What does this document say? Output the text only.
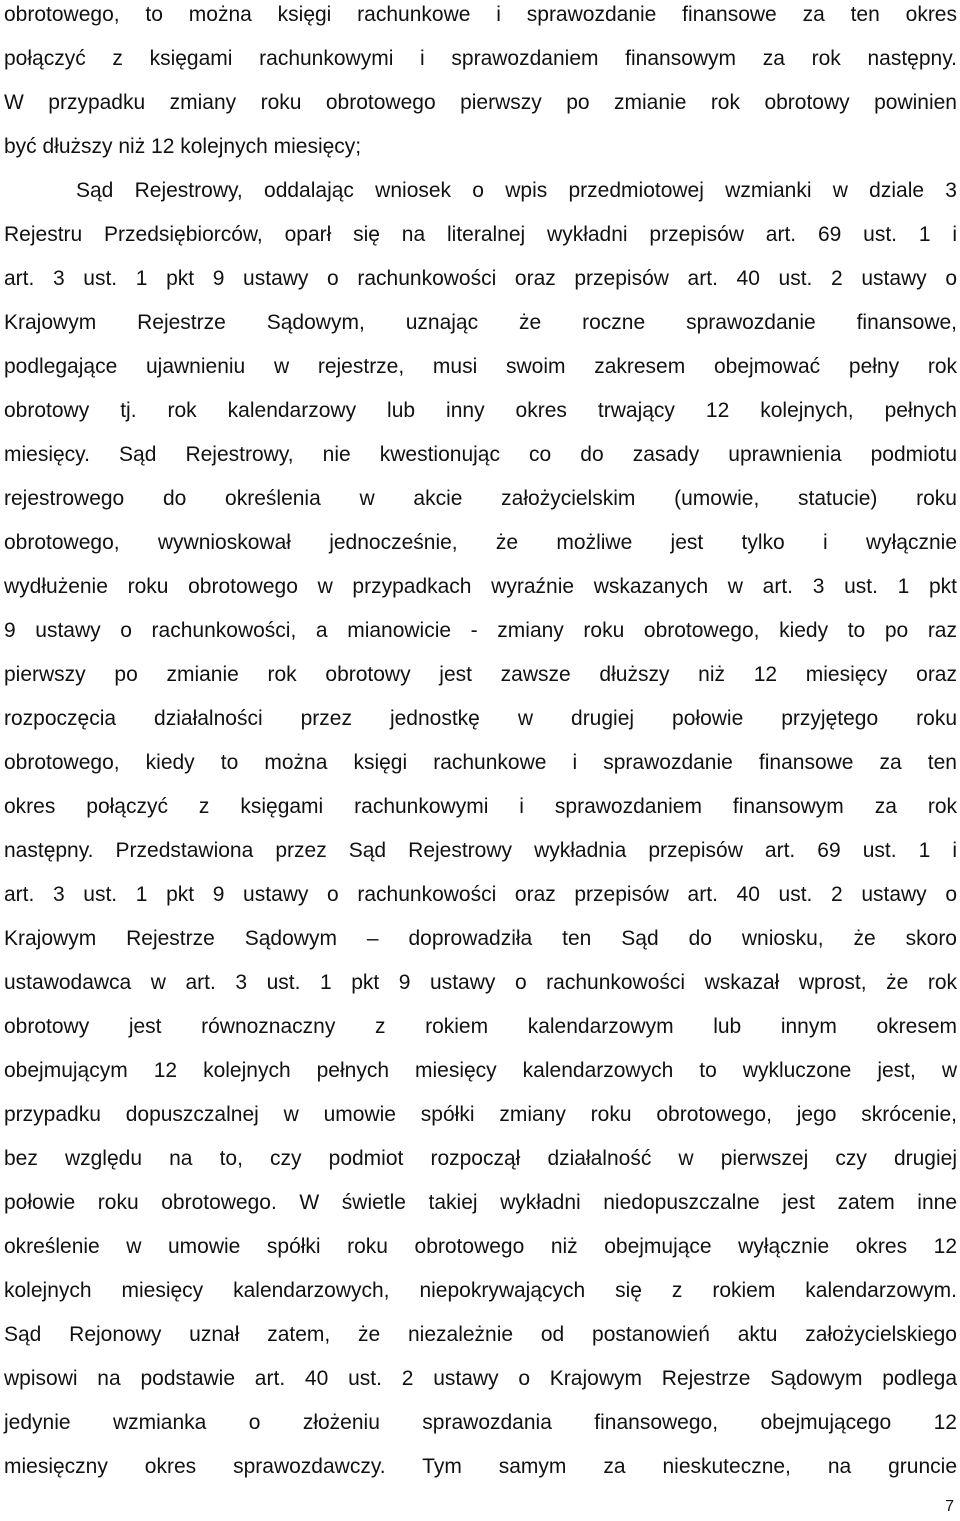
obrotowego, to można księgi rachunkowe i sprawozdanie finansowe za ten okres
połączyć z księgami rachunkowymi i sprawozdaniem finansowym za rok następny.
W przypadku zmiany roku obrotowego pierwszy po zmianie rok obrotowy powinien
być dłuższy niż 12 kolejnych miesięcy;
Sąd Rejestrowy, oddalając wniosek o wpis przedmiotowej wzmianki w dziale 3
Rejestru Przedsiębiorców, oparł się na literalnej wykładni przepisów art. 69 ust. 1 i
art. 3 ust. 1 pkt 9 ustawy o rachunkowości oraz przepisów art. 40 ust. 2 ustawy o
Krajowym Rejestrze Sądowym, uznając że roczne sprawozdanie finansowe,
podlegające ujawnieniu w rejestrze, musi swoim zakresem obejmować pełny rok
obrotowy tj. rok kalendarzowy lub inny okres trwający 12 kolejnych, pełnych
miesięcy. Sąd Rejestrowy, nie kwestionując co do zasady uprawnienia podmiotu
rejestrowego do określenia w akcie założycielskim (umowie, statucie) roku
obrotowego, wywnioskował jednocześnie, że możliwe jest tylko i wyłącznie
wydłużenie roku obrotowego w przypadkach wyraźnie wskazanych w art. 3 ust. 1 pkt
9 ustawy o rachunkowości, a mianowicie - zmiany roku obrotowego, kiedy to po raz
pierwszy po zmianie rok obrotowy jest zawsze dłuższy niż 12 miesięcy oraz
rozpoczęcia działalności przez jednostkę w drugiej połowie przyjętego roku
obrotowego, kiedy to można księgi rachunkowe i sprawozdanie finansowe za ten
okres połączyć z księgami rachunkowymi i sprawozdaniem finansowym za rok
następny. Przedstawiona przez Sąd Rejestrowy wykładnia przepisów art. 69 ust. 1 i
art. 3 ust. 1 pkt 9 ustawy o rachunkowości oraz przepisów art. 40 ust. 2 ustawy o
Krajowym Rejestrze Sądowym – doprowadziła ten Sąd do wniosku, że skoro
ustawodawca w art. 3 ust. 1 pkt 9 ustawy o rachunkowości wskazał wprost, że rok
obrotowy jest równoznaczny z rokiem kalendarzowym lub innym okresem
obejmującym 12 kolejnych pełnych miesięcy kalendarzowych to wykluczone jest, w
przypadku dopuszczalnej w umowie spółki zmiany roku obrotowego, jego skrócenie,
bez względu na to, czy podmiot rozpoczął działalność w pierwszej czy drugiej
połowie roku obrotowego. W świetle takiej wykładni niedopuszczalne jest zatem inne
określenie w umowie spółki roku obrotowego niż obejmujące wyłącznie okres 12
kolejnych miesięcy kalendarzowych, niepokrywających się z rokiem kalendarzowym.
Sąd Rejonowy uznał zatem, że niezależnie od postanowień aktu założycielskiego
wpisowi na podstawie art. 40 ust. 2 ustawy o Krajowym Rejestrze Sądowym podlega
jedynie wzmianka o złożeniu sprawozdania finansowego, obejmującego 12
miesięczny okres sprawozdawczy. Tym samym za nieskuteczne, na gruncie
7
